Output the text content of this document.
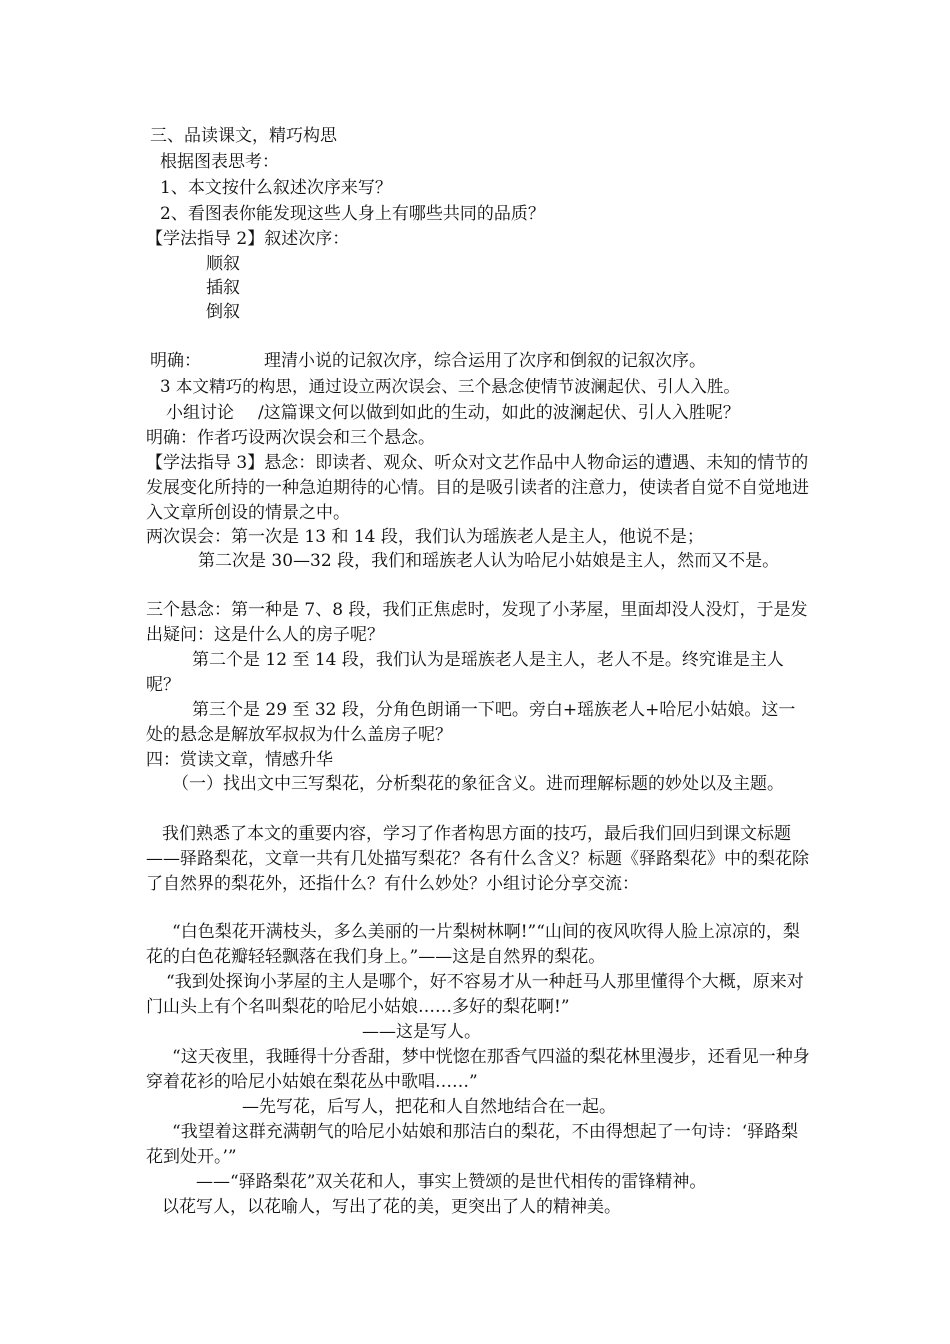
三、品读课文，精巧构思
根据图表思考：
1、本文按什么叙述次序来写？
2、看图表你能发现这些人身上有哪些共同的品质？
【学法指导 2】叙述次序：
顺叙
插叙
倒叙
明确：	理清小说的记叙次序，综合运用了次序和倒叙的记叙次序。
3 本文精巧的构思，通过设立两次误会、三个悬念使情节波澜起伏、引人入胜。
小组讨论 /这篇课文何以做到如此的生动，如此的波澜起伏、引人入胜呢？
明确：作者巧设两次误会和三个悬念。
【学法指导 3】悬念：即读者、观众、听众对文艺作品中人物命运的遭遇、未知的情节的发展变化所持的一种急迫期待的心情。目的是吸引读者的注意力，使读者自觉不自觉地进入文章所创设的情景之中。
两次误会：第一次是 13 和 14 段，我们认为瑶族老人是主人，他说不是；
第二次是 30—32 段，我们和瑶族老人认为哈尼小姑娘是主人，然而又不是。
三个悬念：第一种是 7、8 段，我们正焦虑时，发现了小茅屋，里面却没人没灯，于是发出疑问：这是什么人的房子呢？
第二个是 12 至 14 段，我们认为是瑶族老人是主人，老人不是。终究谁是主人呢？
第三个是 29 至 32 段，分角色朗诵一下吧。旁白+瑶族老人+哈尼小姑娘。这一处的悬念是解放军叔叔为什么盖房子呢？
四：赏读文章，情感升华
（一）找出文中三写梨花，分析梨花的象征含义。进而理解标题的妙处以及主题。
我们熟悉了本文的重要内容，学习了作者构思方面的技巧，最后我们回归到课文标题——驿路梨花，文章一共有几处描写梨花？各有什么含义？标题《驿路梨花》中的梨花除了自然界的梨花外，还指什么？有什么妙处？小组讨论分享交流：
“白色梨花开满枝头，多么美丽的一片梨树林啊!”“山间的夜风吹得人脸上凉凉的，梨花的白色花瓣轻轻飘落在我们身上。”——这是自然界的梨花。
“我到处探询小茅屋的主人是哪个，好不容易才从一种赶马人那里懂得个大概，原来对门山头上有个名叫梨花的哈尼小姑娘……多好的梨花啊!”
——这是写人。
“这天夜里，我睡得十分香甜，梦中恍惚在那香气四溢的梨花林里漫步，还看见一种身穿着花衫的哈尼小姑娘在梨花丛中歌唱……”
—先写花，后写人，把花和人自然地结合在一起。
“我望着这群充满朝气的哈尼小姑娘和那洁白的梨花，不由得想起了一句诗：‘驿路梨花到处开。’”
——“驿路梨花”双关花和人，事实上赞颂的是世代相传的雷锋精神。
以花写人，以花喻人，写出了花的美，更突出了人的精神美。
